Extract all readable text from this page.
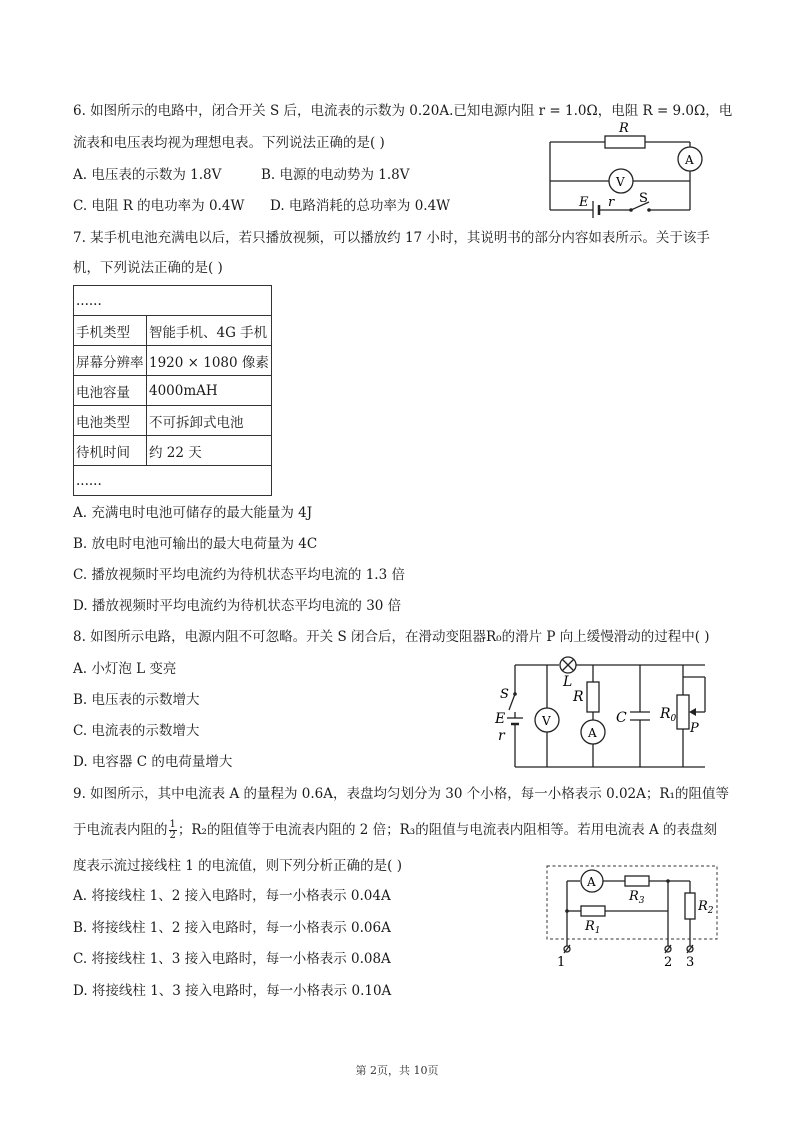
6. 如图所示的电路中，闭合开关 S 后，电流表的示数为 0.20A.已知电源内阻 r = 1.0Ω，电阻 R = 9.0Ω，电
流表和电压表均视为理想电表。下列说法正确的是( )
A. 电压表的示数为 1.8V	B. 电源的电动势为 1.8V
C. 电阻 R 的电功率为 0.4W D. 电路消耗的总功率为 0.4W
R
A
V
E r S
7. 某手机电池充满电以后，若只播放视频，可以播放约 17 小时，其说明书的部分内容如表所示。关于该手
机，下列说法正确的是( )
......	
手机类型	智能手机、4G 手机
屏幕分辨率	1920 × 1080 像素
电池容量	4000mAH
电池类型	不可拆卸式电池
待机时间	约 22 天
......	
A. 充满电时电池可储存的最大能量为 4J
B. 放电时电池可输出的最大电荷量为 4C
C. 播放视频时平均电流约为待机状态平均电流的 1.3 倍
D. 播放视频时平均电流约为待机状态平均电流的 30 倍
8. 如图所示电路，电源内阻不可忽略。开关 S 闭合后，在滑动变阻器R₀的滑片 P 向上缓慢滑动的过程中( )
A. 小灯泡 L 变亮
B. 电压表的示数增大
C. 电流表的示数增大
D. 电容器 C 的电荷量增大
L
S
E
r
V
R
A
C $R_0$
P
9. 如图所示，其中电流表 A 的量程为 0.6A，表盘均匀划分为 30 个小格，每一小格表示 0.02A；R₁的阻值等
于电流表内阻的 $\frac{1}{2}$ ；R₂的阻值等于电流表内阻的 2 倍；R₃的阻值与电流表内阻相等。若用电流表 A 的表盘刻
度表示流过接线柱 1 的电流值，则下列分析正确的是( )
A. 将接线柱 1、2 接入电路时，每一小格表示 0.04A
B. 将接线柱 1、2 接入电路时，每一小格表示 0.06A
C. 将接线柱 1、3 接入电路时，每一小格表示 0.08A
D. 将接线柱 1、3 接入电路时，每一小格表示 0.10A
A
$R_3$
$R_1$
$R_2$
1	2 3
第 2页，共 10页
